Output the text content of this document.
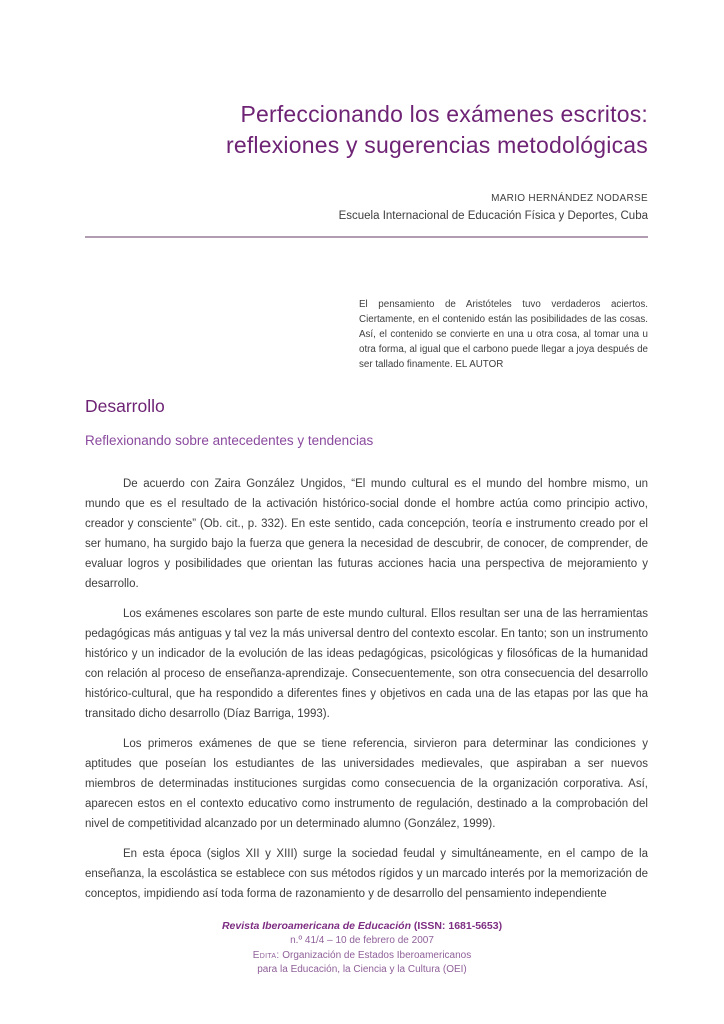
Perfeccionando los exámenes escritos:
reflexiones y sugerencias metodológicas
MARIO HERNÁNDEZ NODARSE
Escuela Internacional de Educación Física y Deportes, Cuba
El pensamiento de Aristóteles tuvo verdaderos aciertos. Ciertamente, en el contenido están las posibilidades de las cosas. Así, el contenido se convierte en una u otra cosa, al tomar una u otra forma, al igual que el carbono puede llegar a joya después de ser tallado finamente. EL AUTOR
Desarrollo
Reflexionando sobre antecedentes y tendencias

De acuerdo con Zaira González Ungidos, “El mundo cultural es el mundo del hombre mismo, un mundo que es el resultado de la activación histórico-social donde el hombre actúa como principio activo, creador y consciente” (Ob. cit., p. 332). En este sentido, cada concepción, teoría e instrumento creado por el ser humano, ha surgido bajo la fuerza que genera la necesidad de descubrir, de conocer, de comprender, de evaluar logros y posibilidades que orientan las futuras acciones hacia una perspectiva de mejoramiento y desarrollo.

Los exámenes escolares son parte de este mundo cultural. Ellos resultan ser una de las herramientas pedagógicas más antiguas y tal vez la más universal dentro del contexto escolar. En tanto; son un instrumento histórico y un indicador de la evolución de las ideas pedagógicas, psicológicas y filosóficas de la humanidad con relación al proceso de enseñanza-aprendizaje. Consecuentemente, son otra consecuencia del desarrollo histórico-cultural, que ha respondido a diferentes fines y objetivos en cada una de las etapas por las que ha transitado dicho desarrollo (Díaz Barriga, 1993).

Los primeros exámenes de que se tiene referencia, sirvieron para determinar las condiciones y aptitudes que poseían los estudiantes de las universidades medievales, que aspiraban a ser nuevos miembros de determinadas instituciones surgidas como consecuencia de la organización corporativa. Así, aparecen estos en el contexto educativo como instrumento de regulación, destinado a la comprobación del nivel de competitividad alcanzado por un determinado alumno (González, 1999).

En esta época (siglos XII y XIII) surge la sociedad feudal y simultáneamente, en el campo de la enseñanza, la escolástica se establece con sus métodos rígidos y un marcado interés por la memorización de conceptos, impidiendo así toda forma de razonamiento y de desarrollo del pensamiento independiente

Revista Iberoamericana de Educación (ISSN: 1681-5653)
n.º 41/4 – 10 de febrero de 2007
Edita: Organización de Estados Iberoamericanos
para la Educación, la Ciencia y la Cultura (OEI)
